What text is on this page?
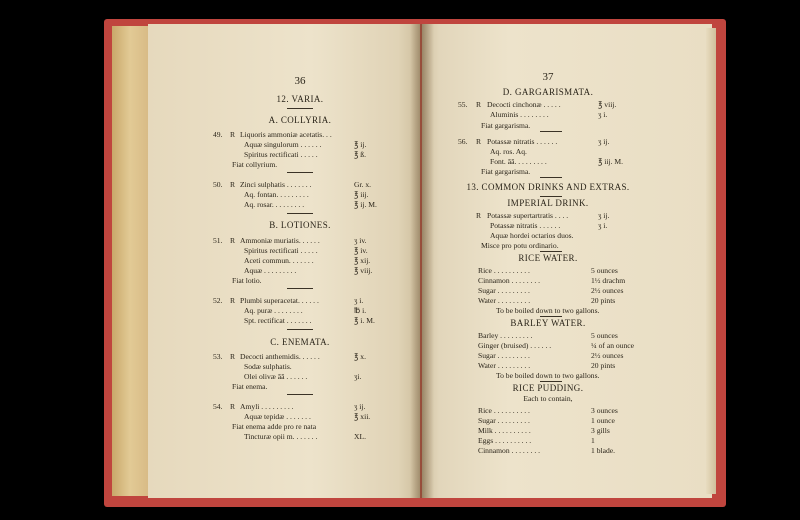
36
12. VARIA.
A. COLLYRIA.
49. R Liquoris ammoniæ acetatis. . .
Aquæ singulorum . . . . . .	℥ ij.
Spiritus rectificati . . . . .	℥ ß.
Fiat collyrium.
50. R Zinci sulphatis . . . . . . .	Gr. x.
Aq. fontan. . . . . . . . .	℥ iij.
Aq. rosar. . . . . . . . .	℥ ij. M.
B. LOTIONES.
51. R Ammoniæ muriatis. . . . . .	ʒ iv.
Spiritus rectificati . . . . .	℥ iv.
Aceti commun. . . . . . .	℥ xij.
Aquæ . . . . . . . . .	℥ viij.
Fiat lotio.
52. R Plumbi superacetat. . . . . .	ʒ i.
Aq. puræ . . . . . . . .	℔ i.
Spt. rectificat . . . . . . .	℥ i. M.
C. ENEMATA.
53. R Decocti anthemidis. . . . . .	℥ x.
Sodæ sulphatis.
Olei olivæ āā . . . . . .	ʒi.
Fiat enema.
54. R Amyli . . . . . . . . .	ʒ ij.
Aquæ tepidæ . . . . . . .	℥ xii.
Fiat enema adde pro re nata
Tincturæ opii m. . . . . . .	XL.
37
D. GARGARISMATA.
55. R Decocti cinchonæ . . . . .	℥ viij.
Aluminis . . . . . . . .	ʒ i.
Fiat gargarisma.
56. R Potassæ nitratis . . . . . .	ʒ ij.
Aq. ros. Aq.
Font. āā. . . . . . . . .	℥ iij. M.
Fiat gargarisma.
13. COMMON DRINKS AND EXTRAS.
IMPERIAL DRINK.
R Potassæ supertartratis . . . .	ʒ ij.
Potassæ nitratis . . . . . .	ʒ i.
Aquæ hordei octarios duos.
Misce pro potu ordinario.
RICE WATER.
Rice . . . . . . . . . .	5 ounces
Cinnamon . . . . . . . .	1½ drachm
Sugar . . . . . . . . .	2½ ounces
Water . . . . . . . . .	20 pints
To be boiled down to two gallons.
BARLEY WATER.
Barley . . . . . . . . .	5 ounces
Ginger (bruised) . . . . . .	¼ of an ounce
Sugar . . . . . . . . .	2½ ounces
Water . . . . . . . . .	20 pints
To be boiled down to two gallons.
RICE PUDDING.
Each to contain,
Rice . . . . . . . . . .	3 ounces
Sugar . . . . . . . . .	1 ounce
Milk . . . . . . . . . .	3 gills
Eggs . . . . . . . . . .	1
Cinnamon . . . . . . . .	1 blade.
